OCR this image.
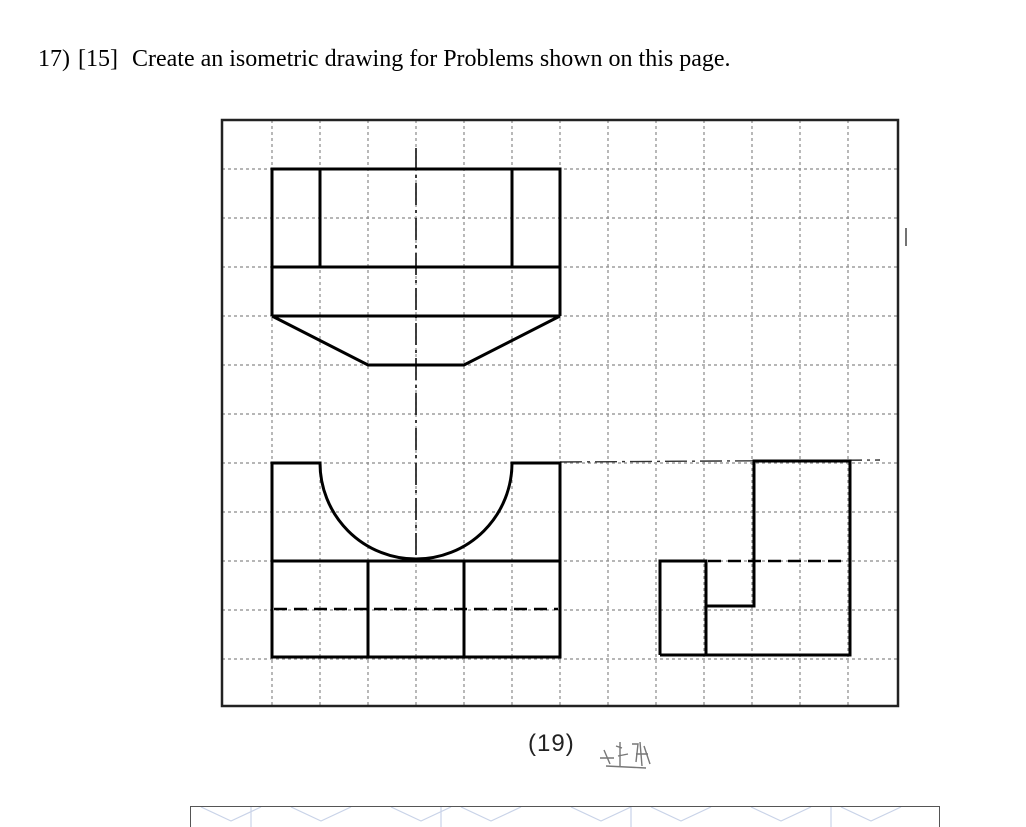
17) [15] Create an isometric drawing for Problems shown on this page.
(19)
